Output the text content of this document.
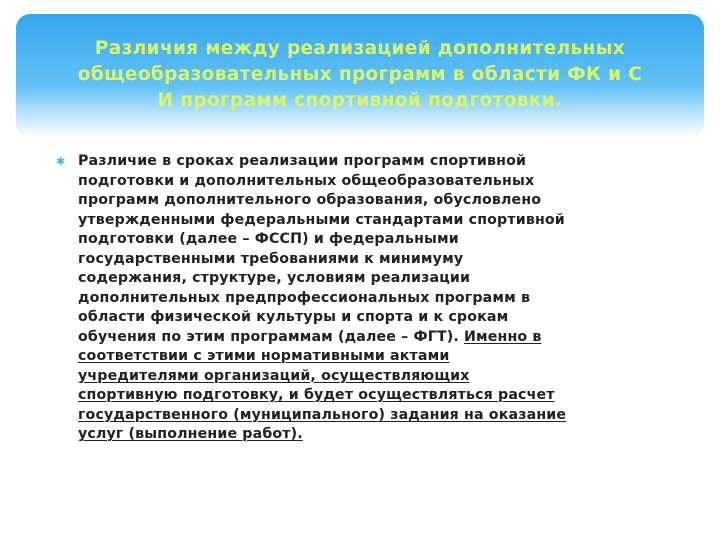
Различия между реализацией дополнительных
общеобразовательных программ в области ФК и С
И программ спортивной подготовки.
✱ Различие в сроках реализации программ спортивной
подготовки и дополнительных общеобразовательных
программ дополнительного образования, обусловлено
утвержденными федеральными стандартами спортивной
подготовки (далее – ФССП) и федеральными
государственными требованиями к минимуму
содержания, структуре, условиям реализации
дополнительных предпрофессиональных программ в
области физической культуры и спорта и к срокам
обучения по этим программам (далее – ФГТ). Именно в
соответствии с этими нормативными актами
учредителями организаций, осуществляющих
спортивную подготовку, и будет осуществляться расчет
государственного (муниципального) задания на оказание
услуг (выполнение работ).
